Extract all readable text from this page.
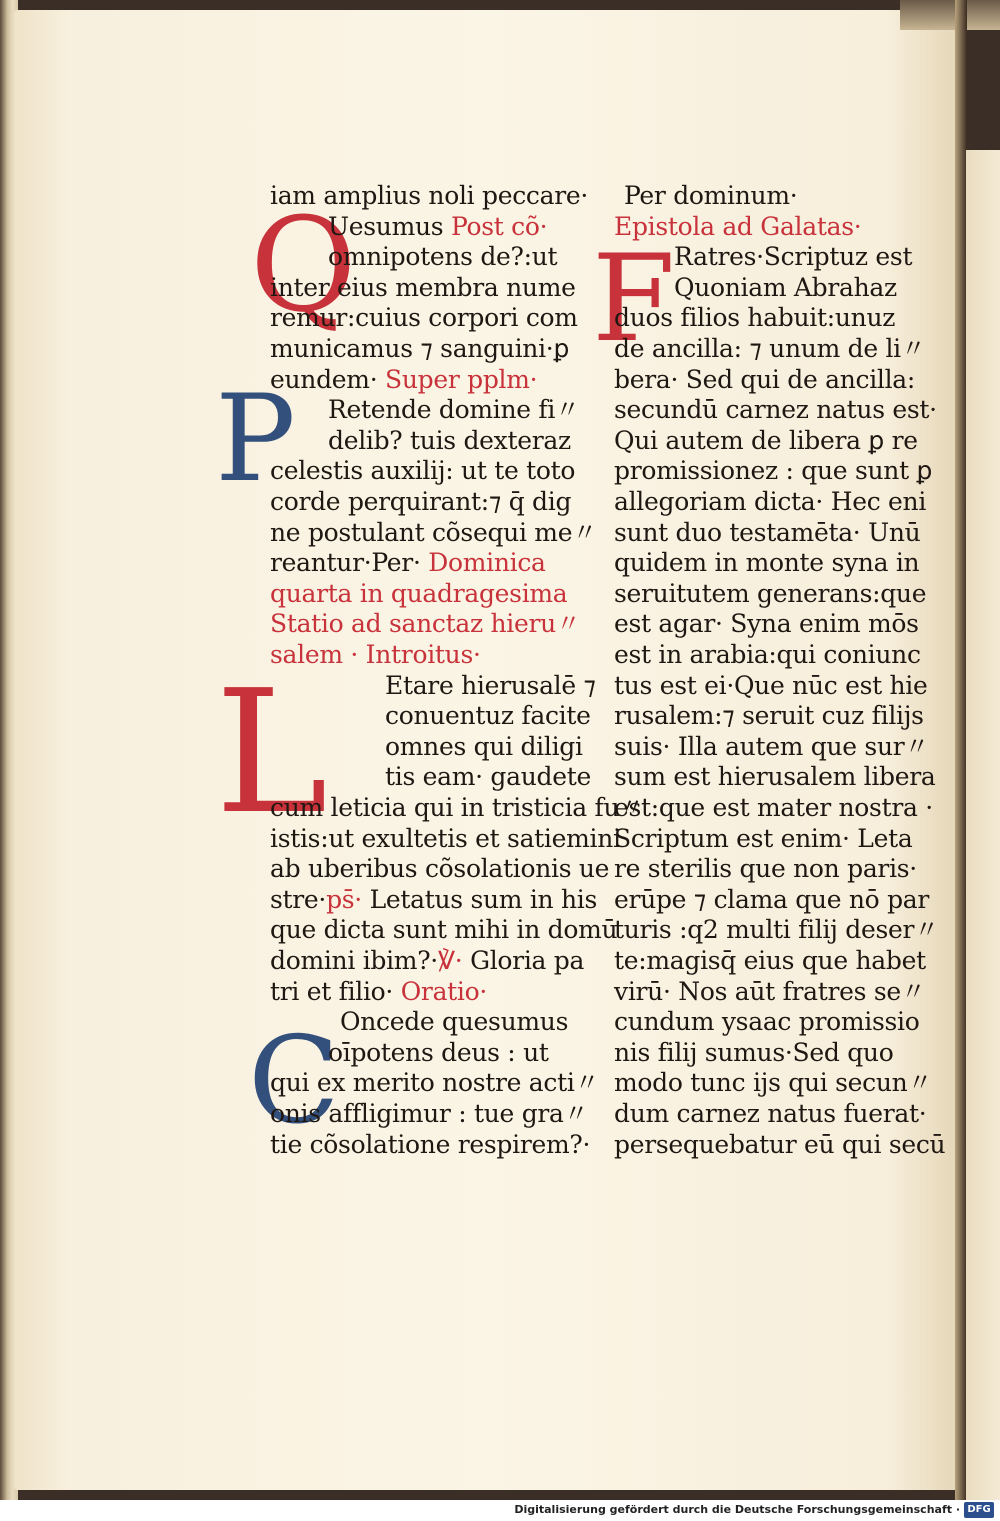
iam amplius noli peccare·
Q
Uesumus Post cõ·
omnipotens de?:ut
inter eius membra nume
remur:cuius corpori com
municamus ⁊ sanguini·ꝑ
eundem· Super pplm·
P Retende domine fi〃
delib? tuis dexteraz
celestis auxilij: ut te toto
corde perquirant:⁊ q̄ dig
ne postulant cõsequi me〃
reantur·Per· Dominica
quarta in quadragesima
Statio ad sanctaz hieru〃
salem · Introitus·
L Etare hierusalē ⁊
conuentuz facite
omnes qui diligi
tis eam· gaudete
cum leticia qui in tristicia fu〃
istis:ut exultetis et satiemini
ab uberibus cõsolationis ue
stre·ps̄· Letatus sum in his
que dicta sunt mihi in domū
domini ibim?·℣· Gloria pa
tri et filio· Oratio·
C Oncede quesumus
oīpotens deus : ut
qui ex merito nostre acti〃
onis affligimur : tue gra〃
tie cõsolatione respirem?·
Per dominum·
Epistola ad Galatas·
F
Ratres·Scriptuz est
Quoniam Abrahaz
duos filios habuit:unuz
de ancilla: ⁊ unum de li〃
bera· Sed qui de ancilla:
secundū carnez natus est·
Qui autem de libera ꝑ re
promissionez : que sunt ꝑ
allegoriam dicta· Hec eni
sunt duo testamēta· Unū
quidem in monte syna in
seruitutem generans:que
est agar· Syna enim mōs
est in arabia:qui coniunc
tus est ei·Que nūc est hie
rusalem:⁊ seruit cuz filijs
suis· Illa autem que sur〃
sum est hierusalem libera
est:que est mater nostra ·
Scriptum est enim· Leta
re sterilis que non paris·
erūpe ⁊ clama que nō par
turis :q2 multi filij deser〃
te:magisq̄ eius que habet
virū· Nos aūt fratres se〃
cundum ysaac promissio
nis filij sumus·Sed quo
modo tunc ijs qui secun〃
dum carnez natus fuerat·
persequebatur eū qui secū
Digitalisierung gefördert durch die Deutsche Forschungsgemeinschaft · DFG
